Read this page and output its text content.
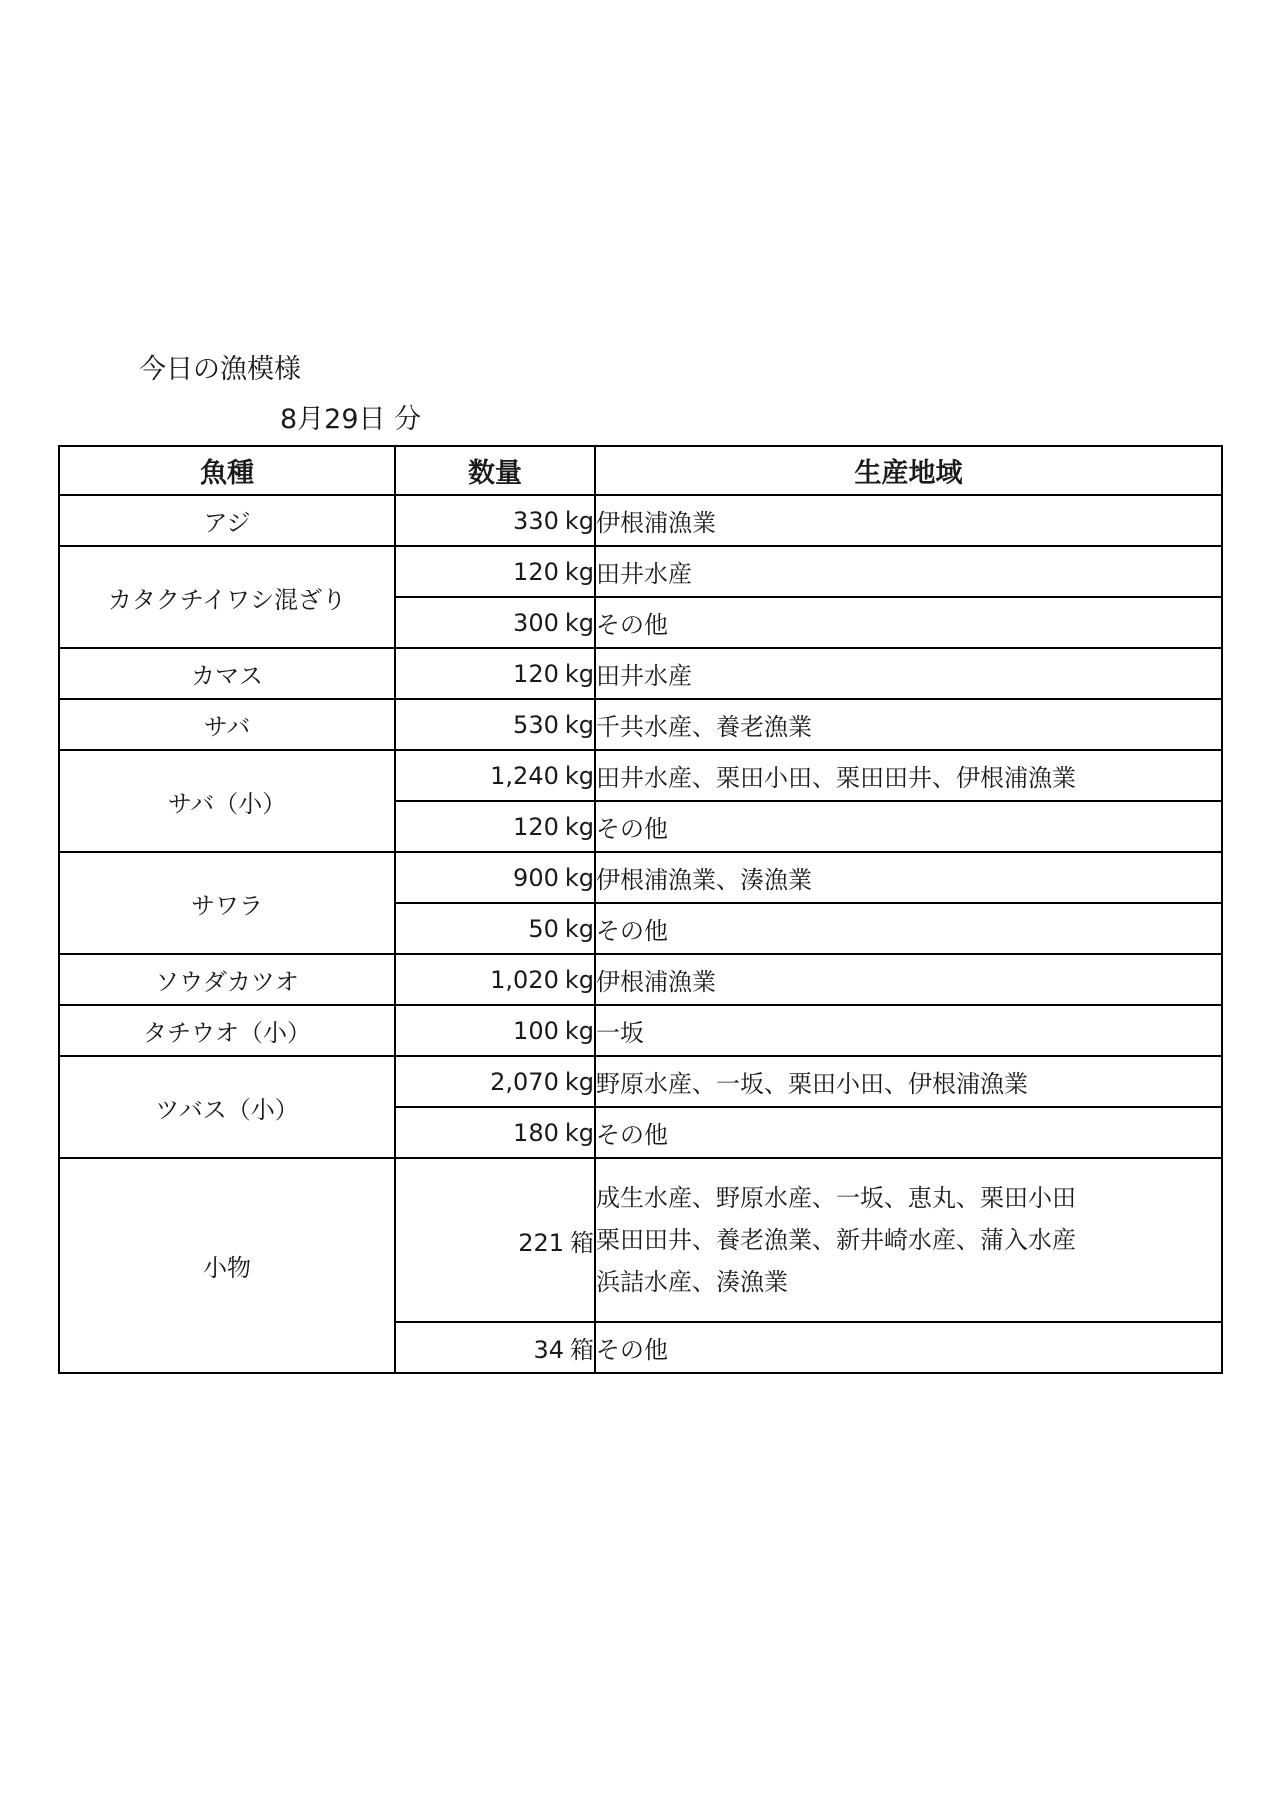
今日の漁模様
8月29日 分
魚種	数量	生産地域
アジ	330 kg	伊根浦漁業
カタクチイワシ混ざり	120 kg	田井水産
	300 kg	その他
カマス	120 kg	田井水産
サバ	530 kg	千共水産、養老漁業
サバ（小）	1,240 kg	田井水産、栗田小田、栗田田井、伊根浦漁業
	120 kg	その他
サワラ	900 kg	伊根浦漁業、湊漁業
	50 kg	その他
ソウダカツオ	1,020 kg	伊根浦漁業
タチウオ（小）	100 kg	一坂
ツバス（小）	2,070 kg	野原水産、一坂、栗田小田、伊根浦漁業
	180 kg	その他
小物	221 箱	成生水産、野原水産、一坂、恵丸、栗田小田
栗田田井、養老漁業、新井崎水産、蒲入水産
浜詰水産、湊漁業

	34 箱	その他
